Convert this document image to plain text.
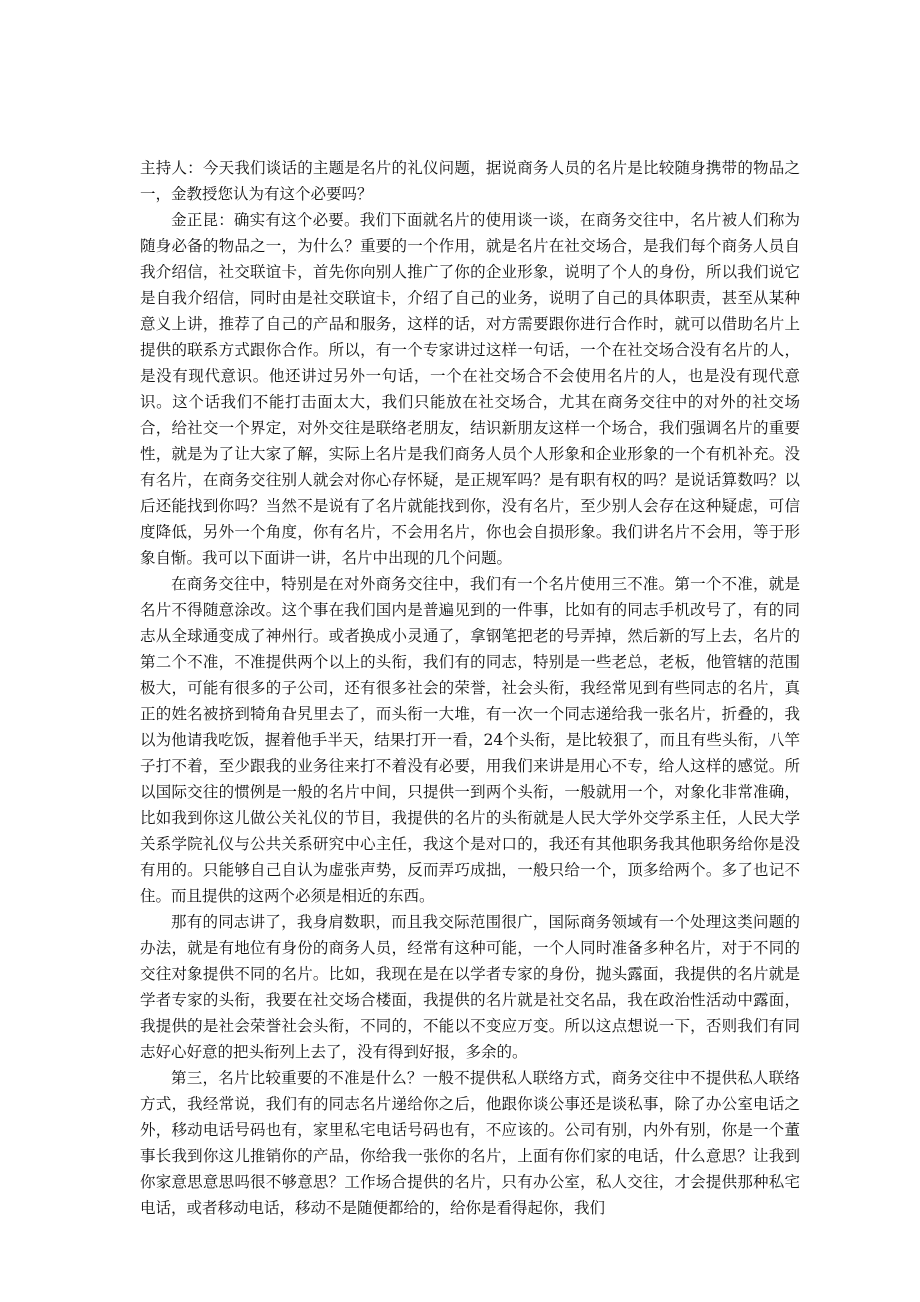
主持人：今天我们谈话的主题是名片的礼仪问题，据说商务人员的名片是比较随身携带的物品之一，金教授您认为有这个必要吗？

金正昆：确实有这个必要。我们下面就名片的使用谈一谈，在商务交往中，名片被人们称为随身必备的物品之一，为什么？重要的一个作用，就是名片在社交场合，是我们每个商务人员自我介绍信，社交联谊卡，首先你向别人推广了你的企业形象，说明了个人的身份，所以我们说它是自我介绍信，同时由是社交联谊卡，介绍了自己的业务，说明了自己的具体职责，甚至从某种意义上讲，推荐了自己的产品和服务，这样的话，对方需要跟你进行合作时，就可以借助名片上提供的联系方式跟你合作。所以，有一个专家讲过这样一句话，一个在社交场合没有名片的人，是没有现代意识。他还讲过另外一句话，一个在社交场合不会使用名片的人，也是没有现代意识。这个话我们不能打击面太大，我们只能放在社交场合，尤其在商务交往中的对外的社交场合，给社交一个界定，对外交往是联络老朋友，结识新朋友这样一个场合，我们强调名片的重要性，就是为了让大家了解，实际上名片是我们商务人员个人形象和企业形象的一个有机补充。没有名片，在商务交往别人就会对你心存怀疑，是正规军吗？是有职有权的吗？是说话算数吗？以后还能找到你吗？当然不是说有了名片就能找到你，没有名片，至少别人会存在这种疑虑，可信度降低，另外一个角度，你有名片，不会用名片，你也会自损形象。我们讲名片不会用，等于形象自惭。我可以下面讲一讲，名片中出现的几个问题。

在商务交往中，特别是在对外商务交往中，我们有一个名片使用三不准。第一个不准，就是名片不得随意涂改。这个事在我们国内是普遍见到的一件事，比如有的同志手机改号了，有的同志从全球通变成了神州行。或者换成小灵通了，拿钢笔把老的号弄掉，然后新的写上去，名片的第二个不准，不准提供两个以上的头衔，我们有的同志，特别是一些老总，老板，他管辖的范围极大，可能有很多的子公司，还有很多社会的荣誉，社会头衔，我经常见到有些同志的名片，真正的姓名被挤到犄角旮旯里去了，而头衔一大堆，有一次一个同志递给我一张名片，折叠的，我以为他请我吃饭，握着他手半天，结果打开一看，24个头衔，是比较狠了，而且有些头衔，八竿子打不着，至少跟我的业务往来打不着没有必要，用我们来讲是用心不专，给人这样的感觉。所以国际交往的惯例是一般的名片中间，只提供一到两个头衔，一般就用一个，对象化非常准确，比如我到你这儿做公关礼仪的节目，我提供的名片的头衔就是人民大学外交学系主任，人民大学关系学院礼仪与公共关系研究中心主任，我这个是对口的，我还有其他职务我其他职务给你是没有用的。只能够自己自认为虚张声势，反而弄巧成拙，一般只给一个，顶多给两个。多了也记不住。而且提供的这两个必须是相近的东西。

那有的同志讲了，我身肩数职，而且我交际范围很广，国际商务领域有一个处理这类问题的办法，就是有地位有身份的商务人员，经常有这种可能，一个人同时准备多种名片，对于不同的交往对象提供不同的名片。比如，我现在是在以学者专家的身份，抛头露面，我提供的名片就是学者专家的头衔，我要在社交场合楼面，我提供的名片就是社交名品，我在政治性活动中露面，我提供的是社会荣誉社会头衔，不同的，不能以不变应万变。所以这点想说一下，否则我们有同志好心好意的把头衔列上去了，没有得到好报，多余的。

第三，名片比较重要的不准是什么？一般不提供私人联络方式，商务交往中不提供私人联络方式，我经常说，我们有的同志名片递给你之后，他跟你谈公事还是谈私事，除了办公室电话之外，移动电话号码也有，家里私宅电话号码也有，不应该的。公司有别，内外有别，你是一个董事长我到你这儿推销你的产品，你给我一张你的名片，上面有你们家的电话，什么意思？让我到你家意思意思吗很不够意思？工作场合提供的名片，只有办公室，私人交往，才会提供那种私宅电话，或者移动电话，移动不是随便都给的，给你是看得起你，我们
